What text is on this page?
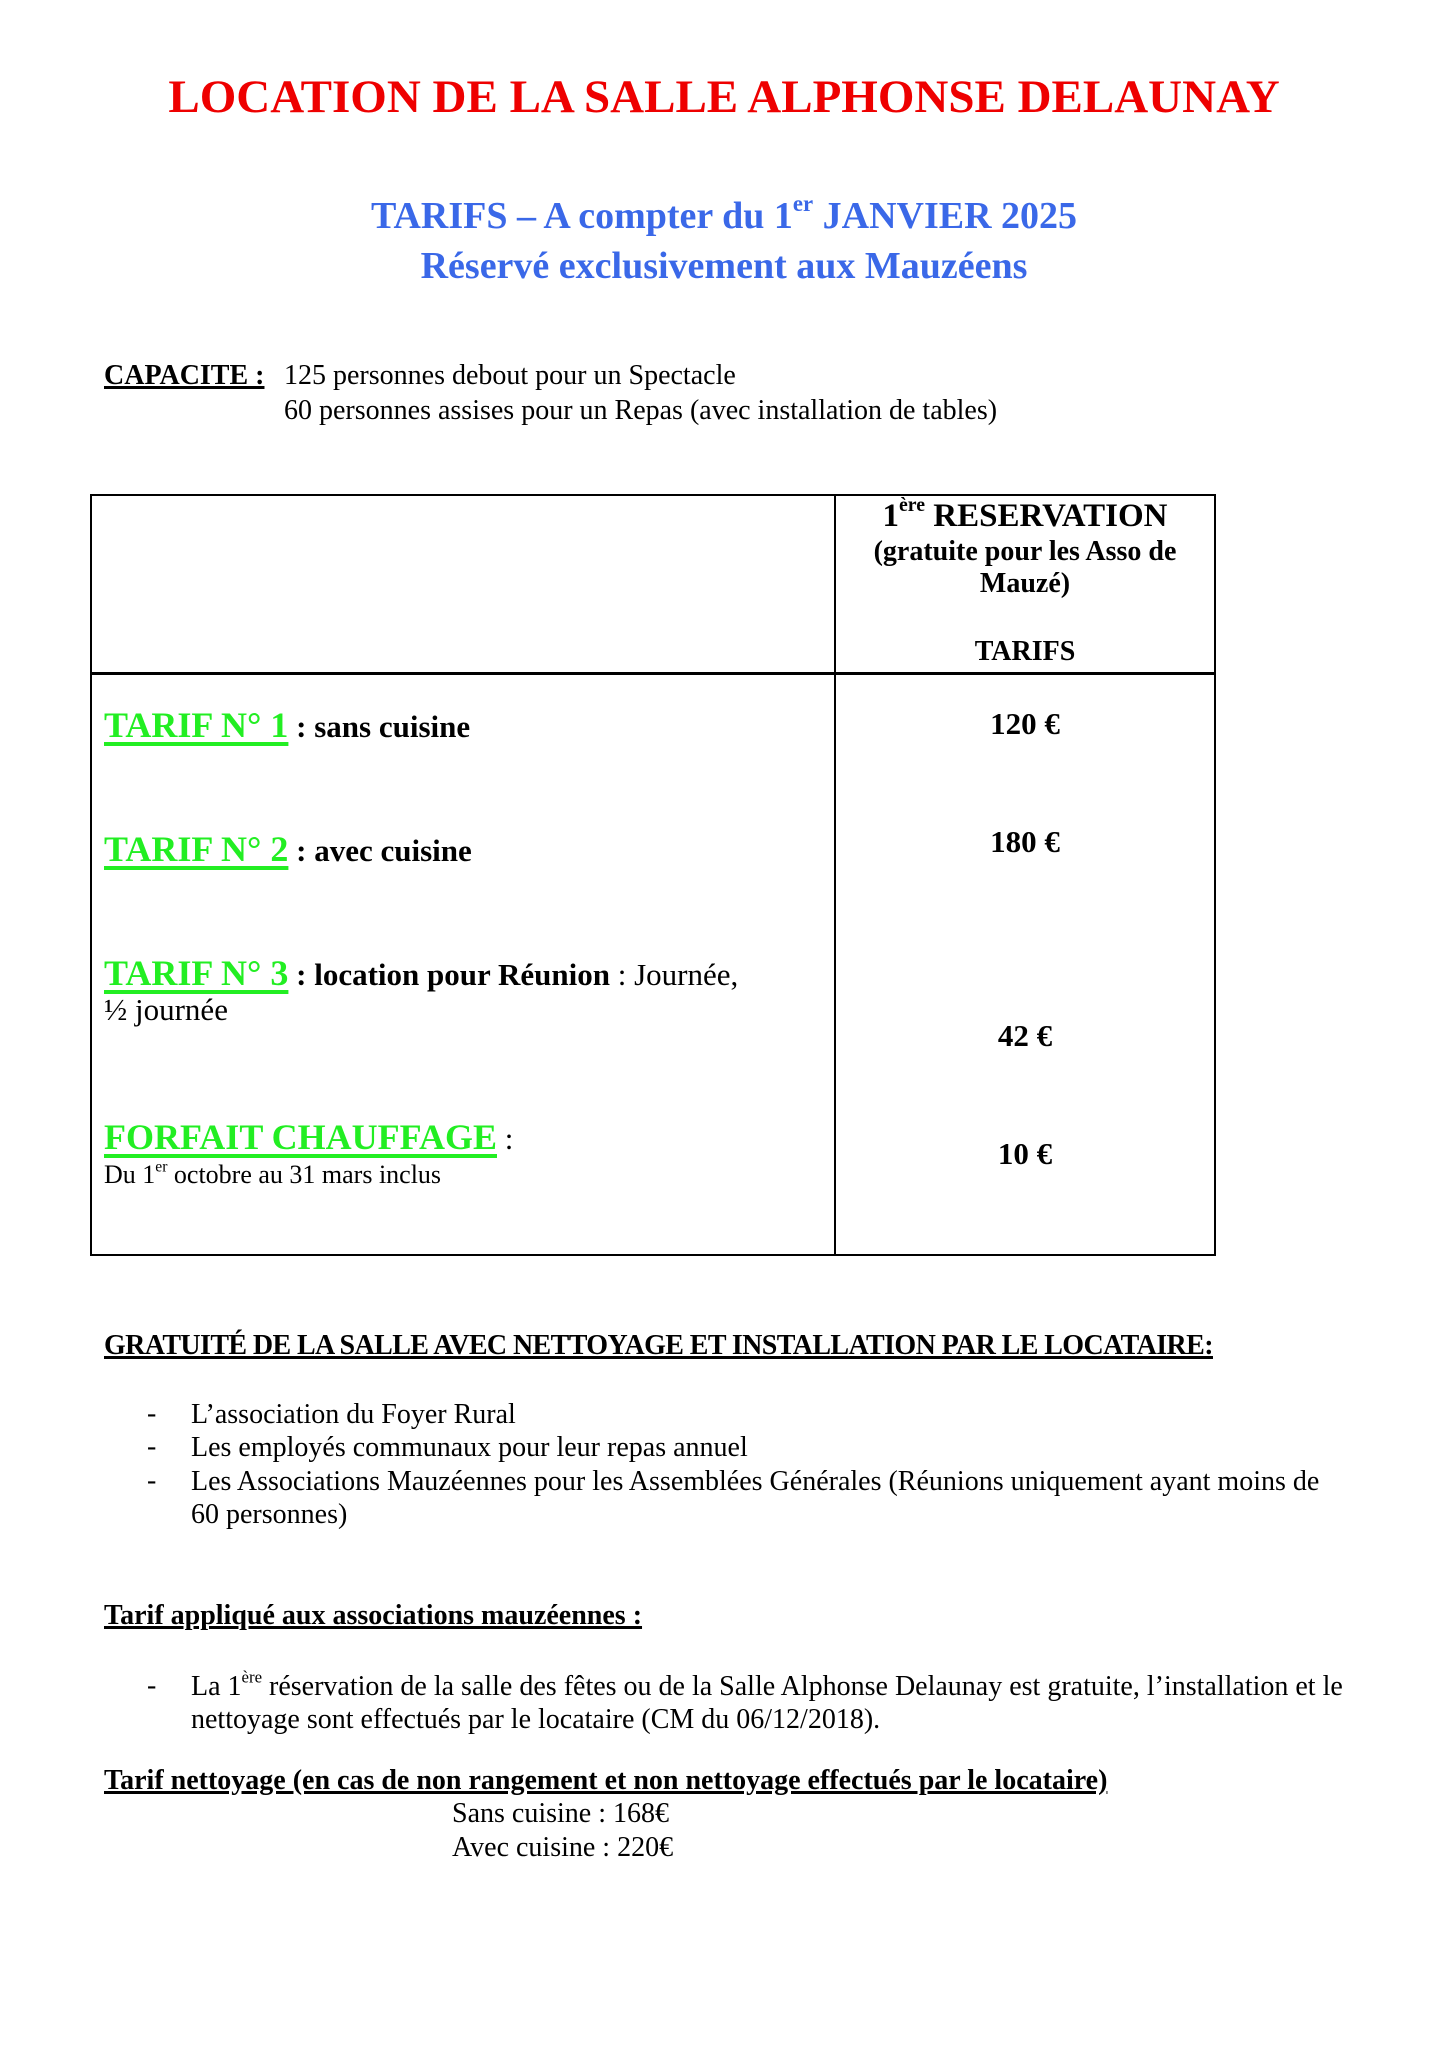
LOCATION DE LA SALLE ALPHONSE DELAUNAY
TARIFS – A compter du 1er JANVIER 2025
Réservé exclusivement aux Mauzéens
CAPACITE : 125 personnes debout pour un Spectacle
60 personnes assises pour un Repas (avec installation de tables)
1ère RESERVATION
(gratuite pour les Asso de
Mauzé)
TARIFS
TARIF N° 1 : sans cuisine	120 €
TARIF N° 2 : avec cuisine	180 €
TARIF N° 3 : location pour Réunion : Journée,
½ journée
42 €
FORFAIT CHAUFFAGE :
Du 1er octobre au 31 mars inclus
10 €
GRATUITÉ DE LA SALLE AVEC NETTOYAGE ET INSTALLATION PAR LE LOCATAIRE:
- L’association du Foyer Rural
- Les employés communaux pour leur repas annuel
- Les Associations Mauzéennes pour les Assemblées Générales (Réunions uniquement ayant moins de 60 personnes)
Tarif appliqué aux associations mauzéennes :
- La 1ère réservation de la salle des fêtes ou de la Salle Alphonse Delaunay est gratuite, l’installation et le nettoyage sont effectués par le locataire (CM du 06/12/2018).
Tarif nettoyage (en cas de non rangement et non nettoyage effectués par le locataire)
Sans cuisine : 168€
Avec cuisine : 220€
